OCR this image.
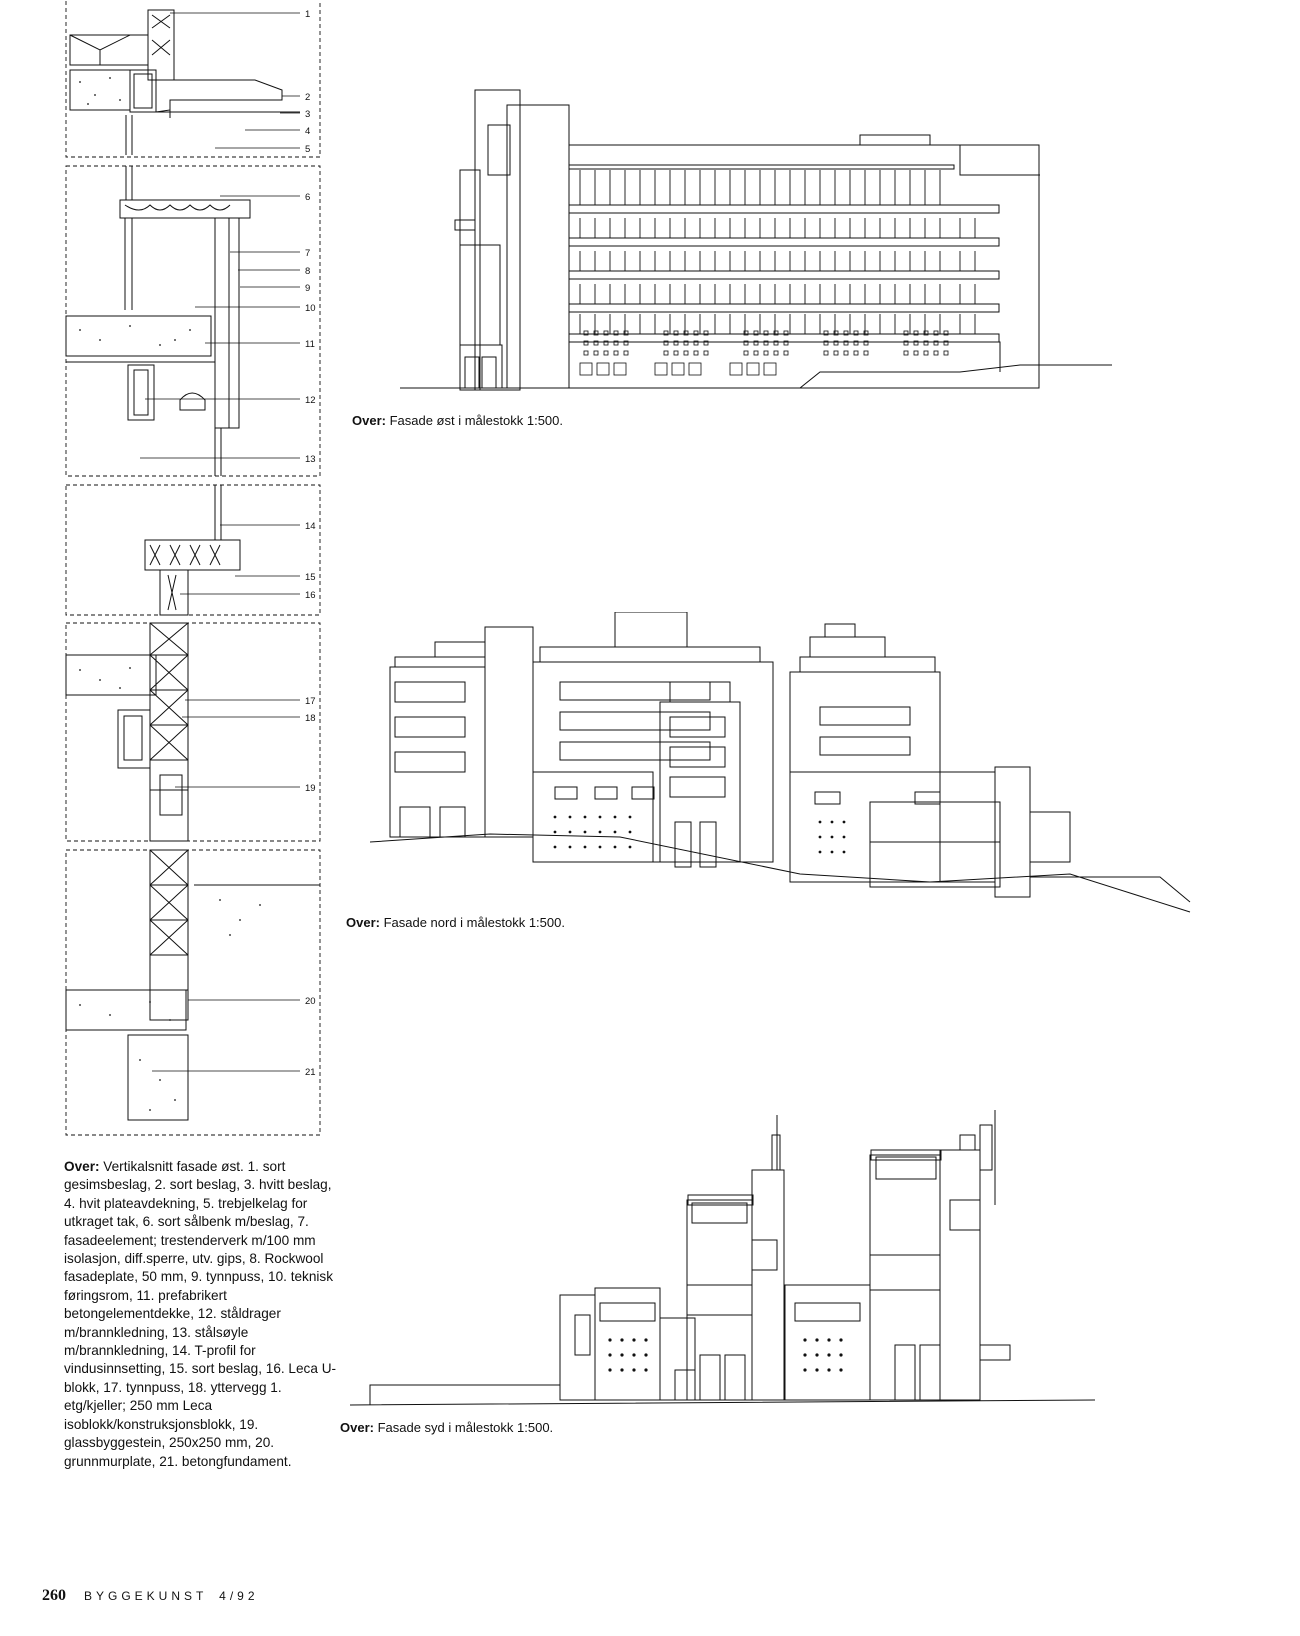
1
2
3
4
5
6
7
8
9
10
11
12
13
14
15
16
17
18
19
20
21
Over: Vertikalsnitt fasade øst. 1. sort gesimsbeslag, 2. sort beslag, 3. hvitt beslag, 4. hvit plateavdekning, 5. trebjelkelag for utkraget tak, 6. sort sålbenk m/beslag, 7. fasadeelement; trestenderverk m/100 mm isolasjon, diff.sperre, utv. gips, 8. Rockwool fasadeplate, 50 mm, 9. tynnpuss, 10. teknisk føringsrom, 11. prefabrikert betongelementdekke, 12. ståldrager m/brannkledning, 13. stålsøyle m/brannkledning, 14. T-profil for vindusinnsetting, 15. sort beslag, 16. Leca U-blokk, 17. tynnpuss, 18. yttervegg 1. etg/kjeller; 250 mm Leca isoblokk/konstruksjonsblokk, 19. glassbyggestein, 250x250 mm, 20. grunnmurplate, 21. betongfundament.
Over: Fasade øst i målestokk 1:500.
Over: Fasade nord i målestokk 1:500.
Over: Fasade syd i målestokk 1:500.
260 BYGGEKUNST 4/92
